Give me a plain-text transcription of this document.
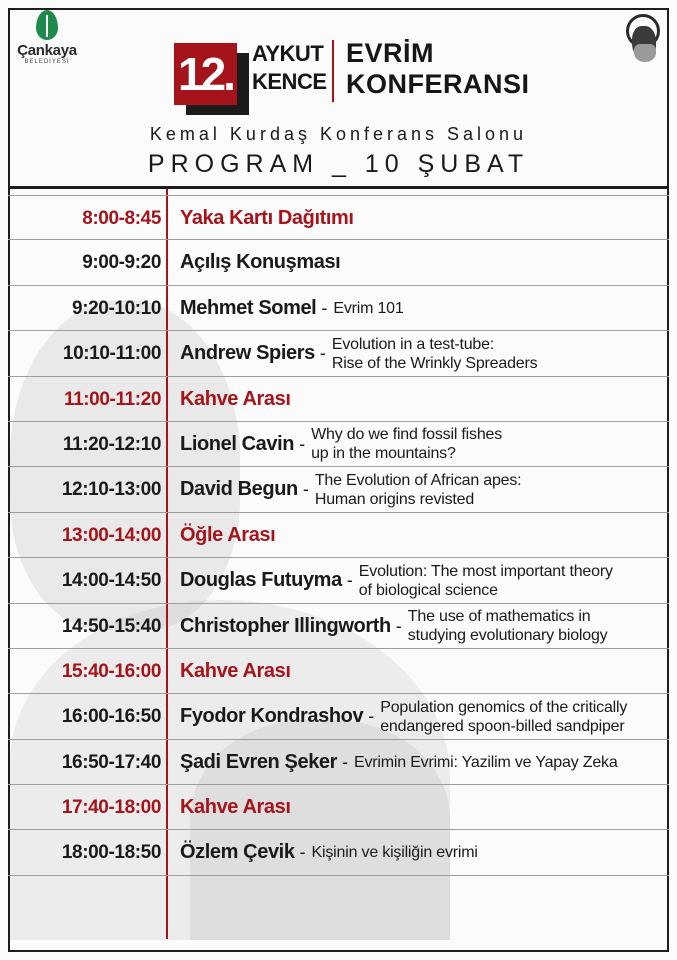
Çankaya
BELEDİYESİ 12. AYKUT
KENCE
EVRİM
KONFERANSI
Kemal Kurdaş Konferans Salonu
PROGRAM _ 10 ŞUBAT
8:00-8:45 Yaka Kartı Dağıtımı
9:00-9:20 Açılış Konuşması
9:20-10:10 Mehmet Somel - Evrim 101
10:10-11:00 Andrew Spiers - Evolution in a test-tube:
Rise of the Wrinkly Spreaders
11:00-11:20 Kahve Arası
11:20-12:10 Lionel Cavin - Why do we find fossil fishes
up in the mountains?
12:10-13:00 David Begun - The Evolution of African apes:
Human origins revisted
13:00-14:00 Öğle Arası
14:00-14:50 Douglas Futuyma - Evolution: The most important theory
of biological science
14:50-15:40 Christopher Illingworth - The use of mathematics in
studying evolutionary biology
15:40-16:00 Kahve Arası
16:00-16:50 Fyodor Kondrashov - Population genomics of the critically
endangered spoon-billed sandpiper
16:50-17:40 Şadi Evren Şeker - Evrimin Evrimi: Yazilim ve Yapay Zeka
17:40-18:00 Kahve Arası
18:00-18:50 Özlem Çevik - Kişinin ve kişiliğin evrimi
